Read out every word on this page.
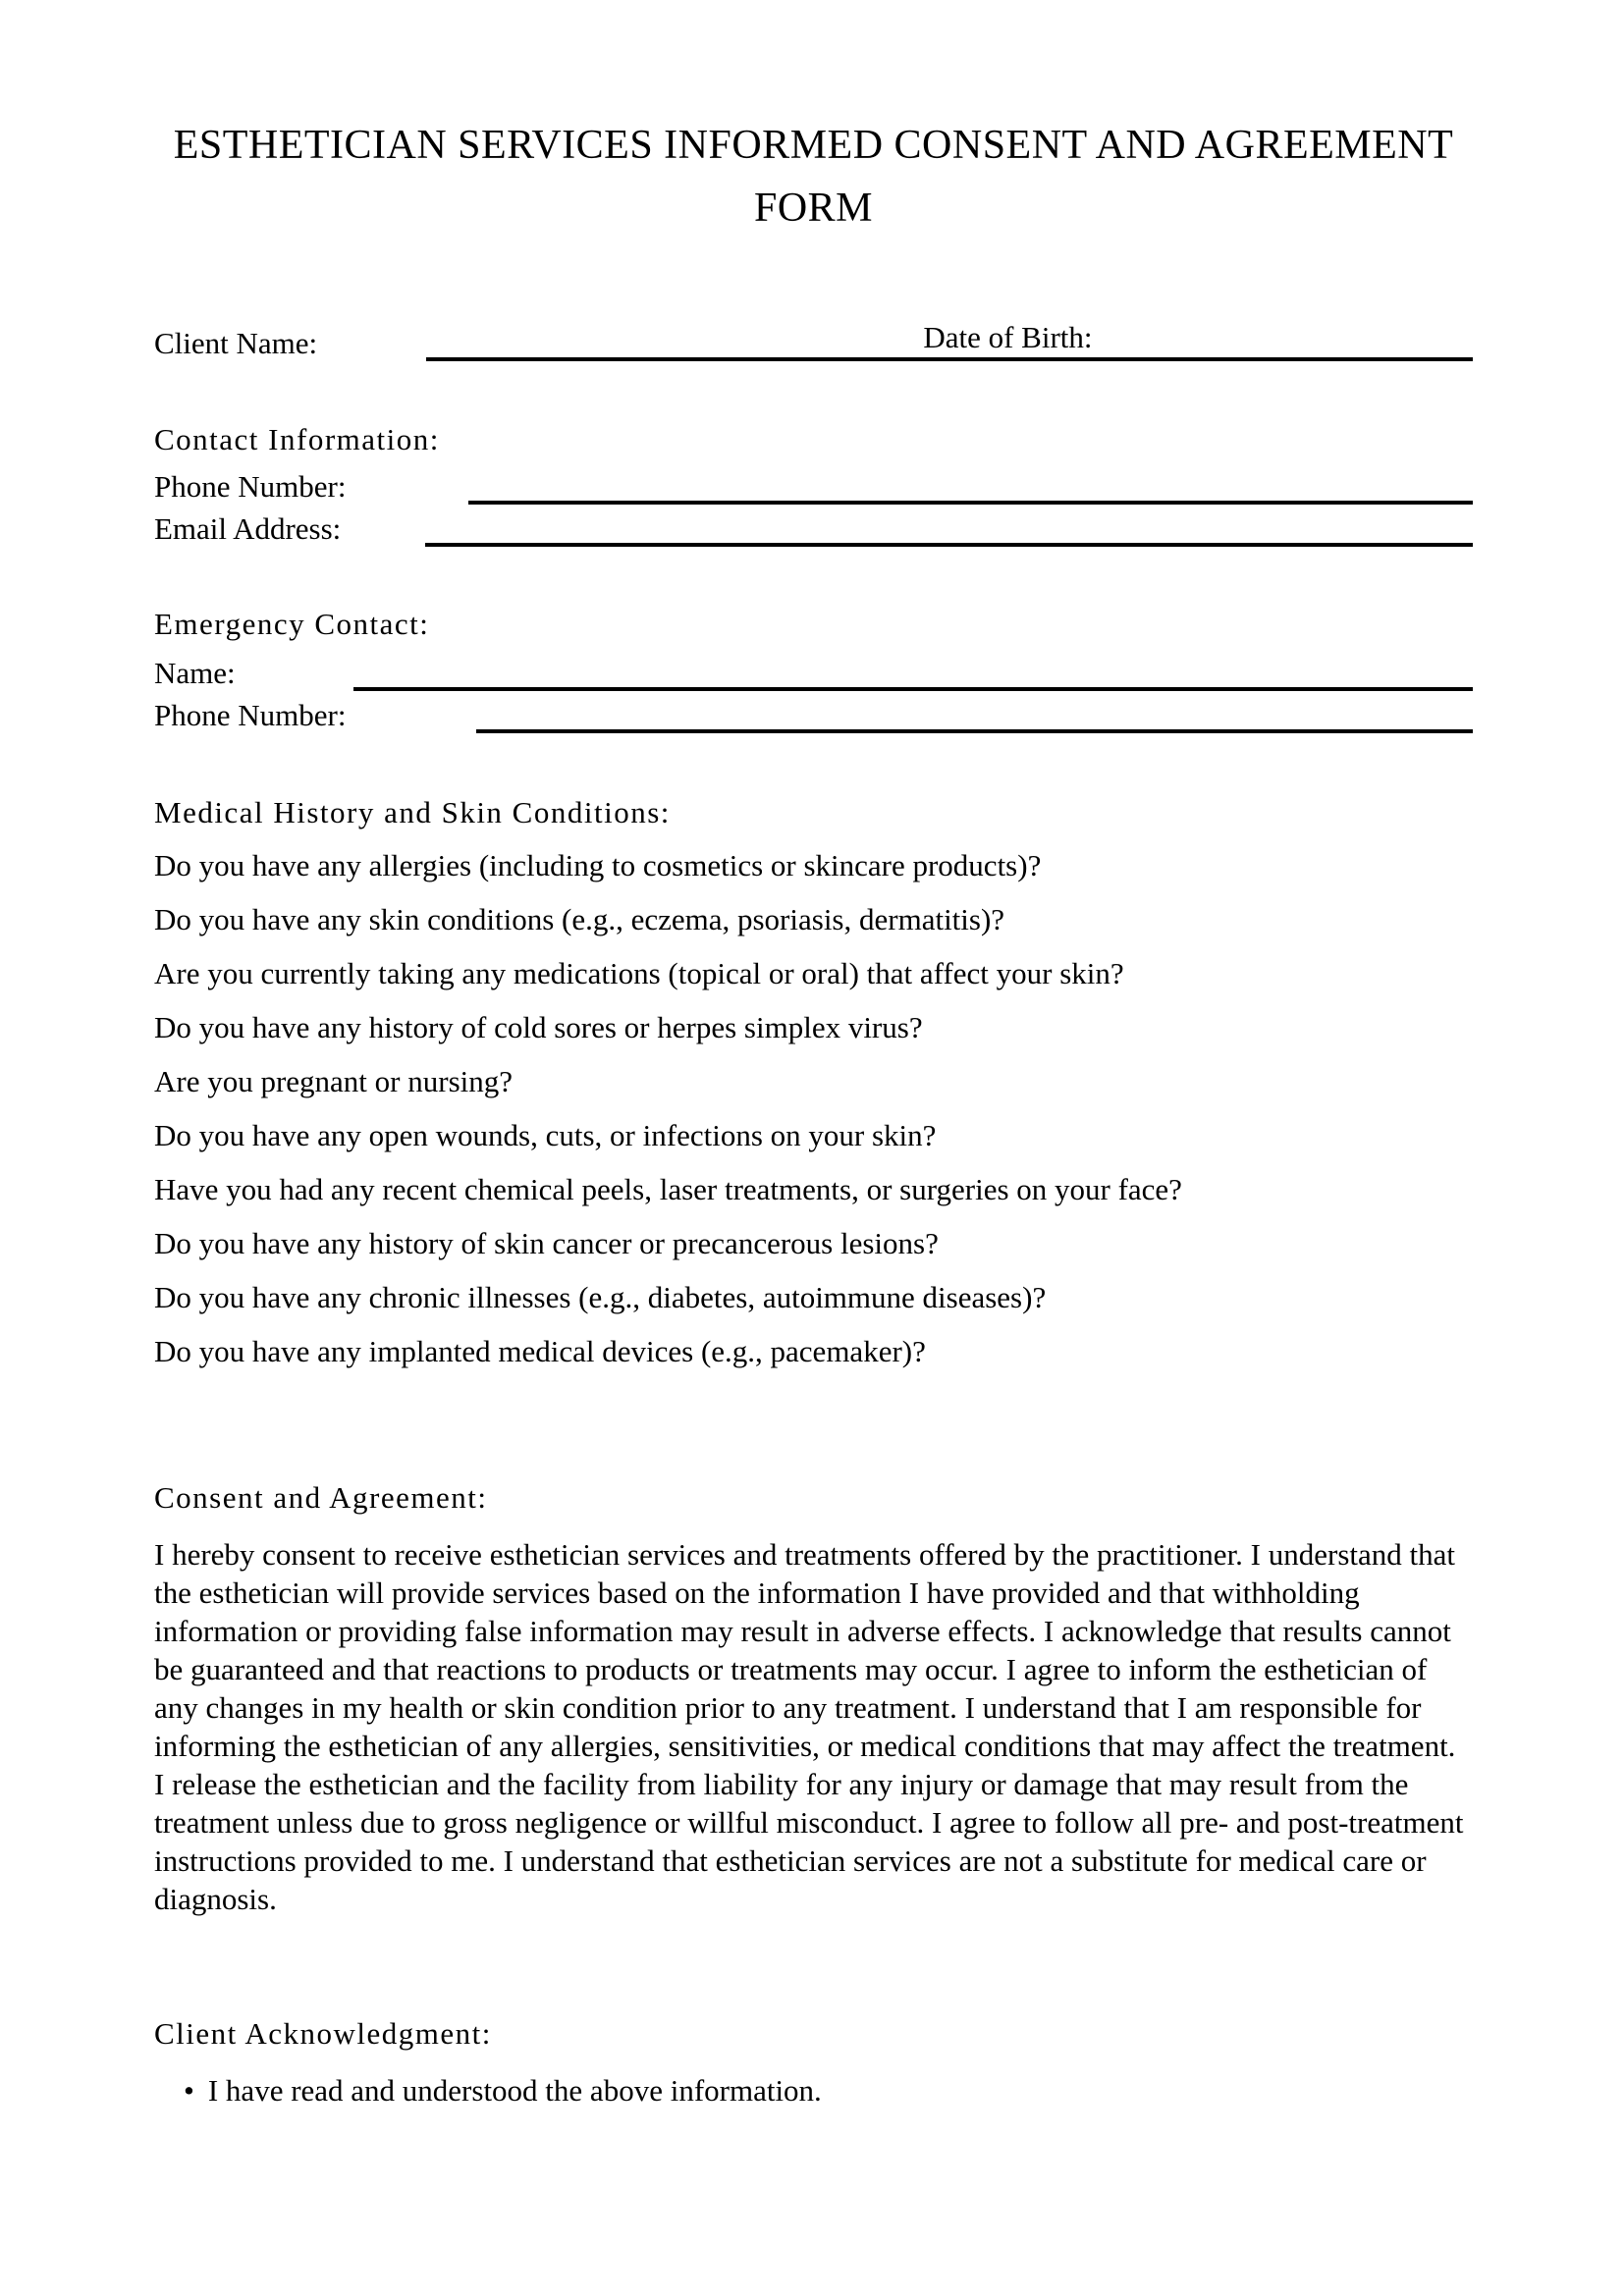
ESTHETICIAN SERVICES INFORMED CONSENT AND AGREEMENT FORM
Client Name:	Date of Birth:
Contact Information:
Phone Number:
Email Address:
Emergency Contact:
Name:
Phone Number:
Medical History and Skin Conditions:
Do you have any allergies (including to cosmetics or skincare products)?
Do you have any skin conditions (e.g., eczema, psoriasis, dermatitis)?
Are you currently taking any medications (topical or oral) that affect your skin?
Do you have any history of cold sores or herpes simplex virus?
Are you pregnant or nursing?
Do you have any open wounds, cuts, or infections on your skin?
Have you had any recent chemical peels, laser treatments, or surgeries on your face?
Do you have any history of skin cancer or precancerous lesions?
Do you have any chronic illnesses (e.g., diabetes, autoimmune diseases)?
Do you have any implanted medical devices (e.g., pacemaker)?
Consent and Agreement:
I hereby consent to receive esthetician services and treatments offered by the practitioner. I understand that the esthetician will provide services based on the information I have provided and that withholding information or providing false information may result in adverse effects. I acknowledge that results cannot be guaranteed and that reactions to products or treatments may occur. I agree to inform the esthetician of any changes in my health or skin condition prior to any treatment. I understand that I am responsible for informing the esthetician of any allergies, sensitivities, or medical conditions that may affect the treatment. I release the esthetician and the facility from liability for any injury or damage that may result from the treatment unless due to gross negligence or willful misconduct. I agree to follow all pre- and post-treatment instructions provided to me. I understand that esthetician services are not a substitute for medical care or diagnosis.
Client Acknowledgment:
• I have read and understood the above information.
